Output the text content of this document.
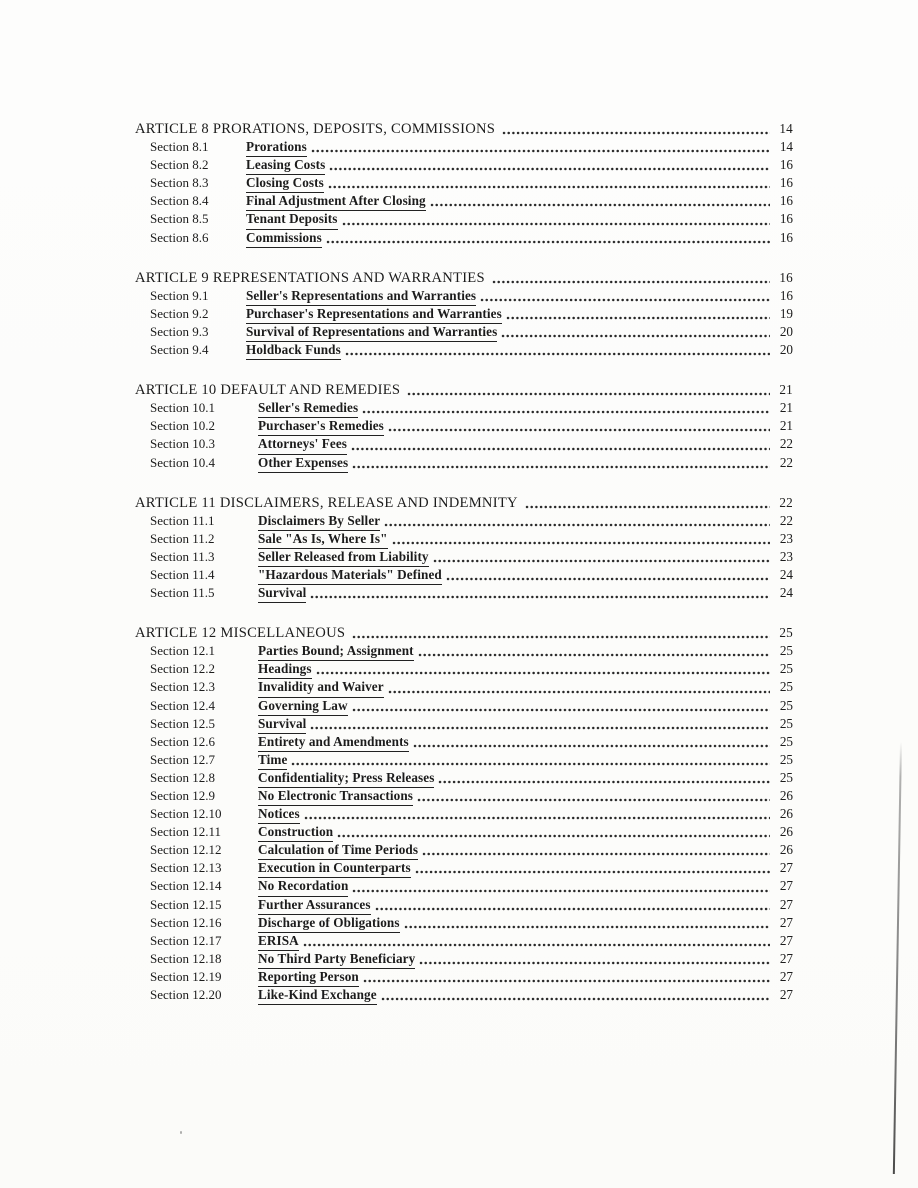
ARTICLE 8 PRORATIONS, DEPOSITS, COMMISSIONS	14
Section 8.1	Prorations	14
Section 8.2	Leasing Costs	16
Section 8.3	Closing Costs	16
Section 8.4	Final Adjustment After Closing	16
Section 8.5	Tenant Deposits	16
Section 8.6	Commissions	16
ARTICLE 9 REPRESENTATIONS AND WARRANTIES	16
Section 9.1	Seller's Representations and Warranties	16
Section 9.2	Purchaser's Representations and Warranties	19
Section 9.3	Survival of Representations and Warranties	20
Section 9.4	Holdback Funds	20
ARTICLE 10 DEFAULT AND REMEDIES	21
Section 10.1	Seller's Remedies	21
Section 10.2	Purchaser's Remedies	21
Section 10.3	Attorneys' Fees	22
Section 10.4	Other Expenses	22
ARTICLE 11 DISCLAIMERS, RELEASE AND INDEMNITY	22
Section 11.1	Disclaimers By Seller	22
Section 11.2	Sale "As Is, Where Is"	23
Section 11.3	Seller Released from Liability	23
Section 11.4	"Hazardous Materials" Defined	24
Section 11.5	Survival	24
ARTICLE 12 MISCELLANEOUS	25
Section 12.1	Parties Bound; Assignment	25
Section 12.2	Headings	25
Section 12.3	Invalidity and Waiver	25
Section 12.4	Governing Law	25
Section 12.5	Survival	25
Section 12.6	Entirety and Amendments	25
Section 12.7	Time	25
Section 12.8	Confidentiality; Press Releases	25
Section 12.9	No Electronic Transactions	26
Section 12.10	Notices	26
Section 12.11	Construction	26
Section 12.12	Calculation of Time Periods	26
Section 12.13	Execution in Counterparts	27
Section 12.14	No Recordation	27
Section 12.15	Further Assurances	27
Section 12.16	Discharge of Obligations	27
Section 12.17	ERISA	27
Section 12.18	No Third Party Beneficiary	27
Section 12.19	Reporting Person	27
Section 12.20	Like-Kind Exchange	27
